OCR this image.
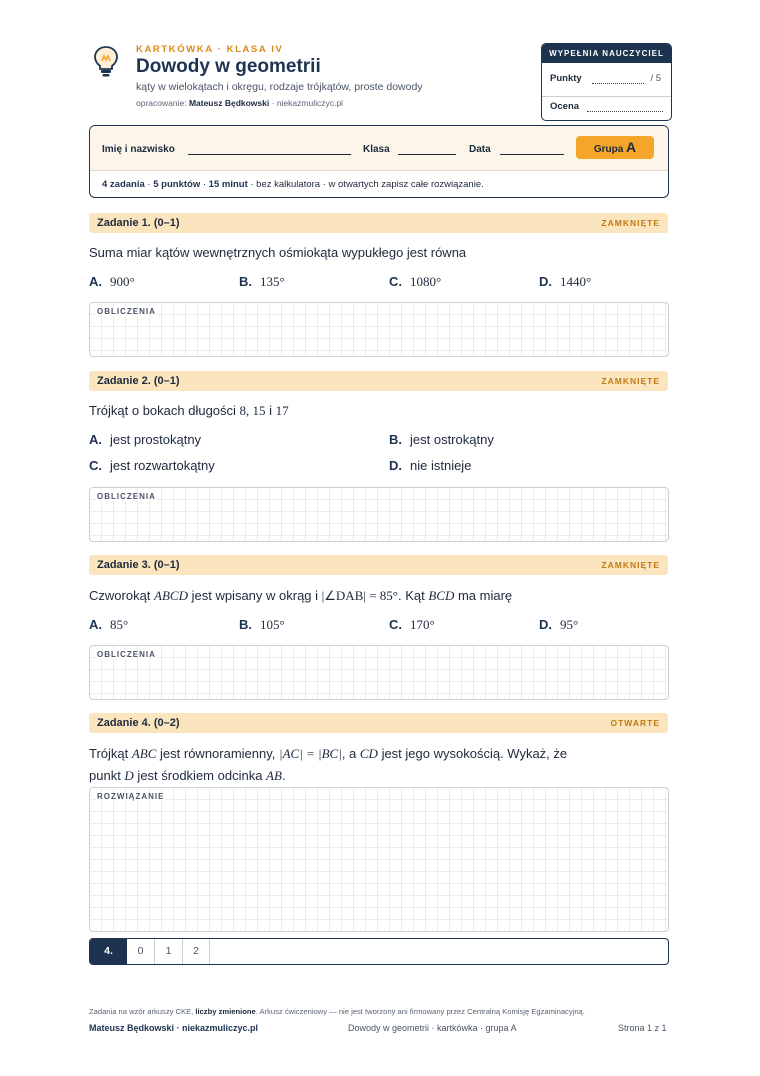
KARTKÓWKA · KLASA IV
Dowody w geometrii
kąty w wielokątach i okręgu, rodzaje trójkątów, proste dowody
opracowanie: Mateusz Będkowski · niekazmuliczyc.pl
WYPEŁNIA NAUCZYCIEL
Punkty	/ 5
Ocena
Imię i nazwisko	Klasa	Data	Grupa A
4 zadania · 5 punktów · 15 minut · bez kalkulatora · w otwartych zapisz całe rozwiązanie.
Zadanie 1. (0–1)	ZAMKNIĘTE
Suma miar kątów wewnętrznych ośmiokąta wypukłego jest równa
A. 900°	B. 135°	C. 1080°	D. 1440°
OBLICZENIA
Zadanie 2. (0–1)	ZAMKNIĘTE
Trójkąt o bokach długości 8, 15 i 17
A. jest prostokątny	B. jest ostrokątny
C. jest rozwartokątny	D. nie istnieje
OBLICZENIA
Zadanie 3. (0–1)	ZAMKNIĘTE
Czworokąt ABCD jest wpisany w okrąg i |∠DAB| = 85°. Kąt BCD ma miarę
A. 85°	B. 105°	C. 170°	D. 95°
OBLICZENIA
Zadanie 4. (0–2)	OTWARTE
Trójkąt ABC jest równoramienny, |AC| = |BC|, a CD jest jego wysokością. Wykaż, że
punkt D jest środkiem odcinka AB.
ROZWIĄZANIE
4.	0	1	2
Zadania na wzór arkuszy CKE, liczby zmienione. Arkusz ćwiczeniowy — nie jest tworzony ani firmowany przez Centralną Komisję Egzaminacyjną.
Mateusz Będkowski · niekazmuliczyc.pl	Dowody w geometrii · kartkówka · grupa A	Strona 1 z 1
